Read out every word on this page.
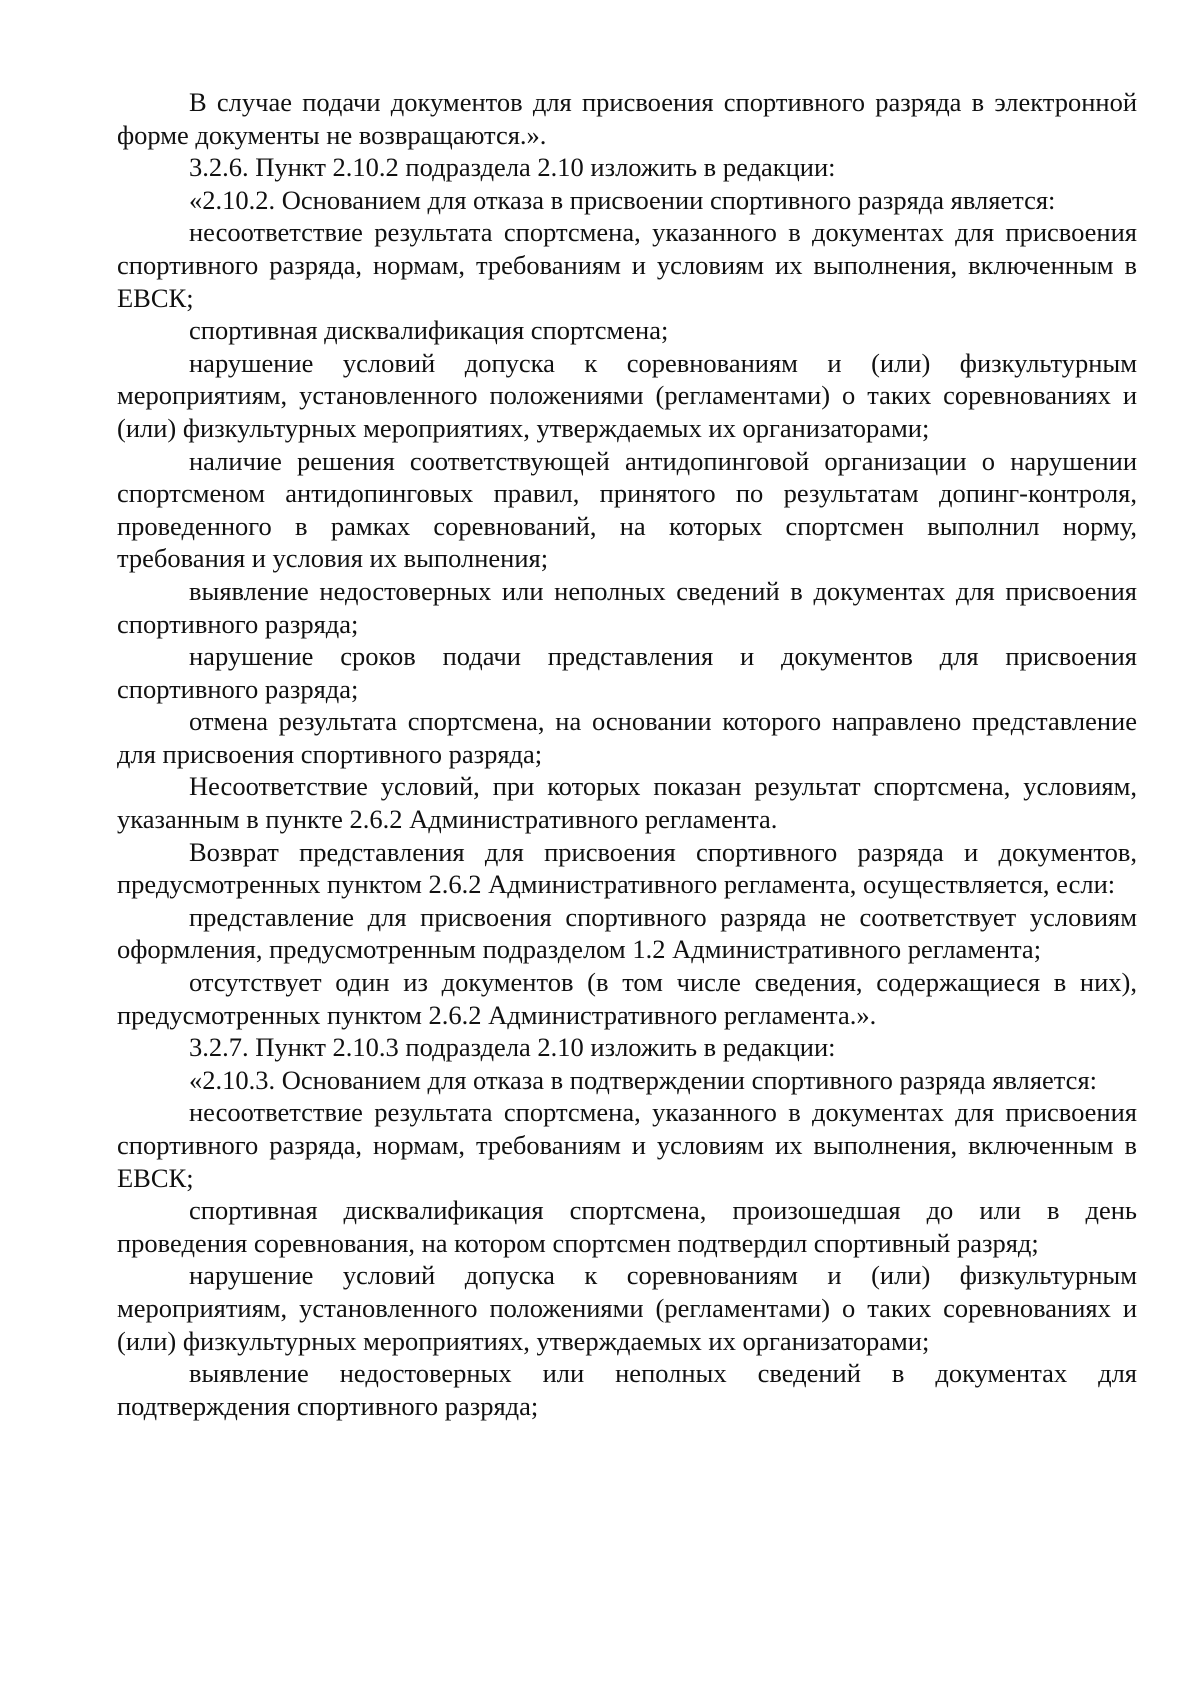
В случае подачи документов для присвоения спортивного разряда в электронной форме документы не возвращаются.».

3.2.6. Пункт 2.10.2 подраздела 2.10 изложить в редакции:

«2.10.2. Основанием для отказа в присвоении спортивного разряда является:

несоответствие результата спортсмена, указанного в документах для присвоения спортивного разряда, нормам, требованиям и условиям их выполнения, включенным в ЕВСК;

спортивная дисквалификация спортсмена;

нарушение условий допуска к соревнованиям и (или) физкультурным мероприятиям, установленного положениями (регламентами) о таких соревнованиях и (или) физкультурных мероприятиях, утверждаемых их организаторами;

наличие решения соответствующей антидопинговой организации о нарушении спортсменом антидопинговых правил, принятого по результатам допинг-контроля, проведенного в рамках соревнований, на которых спортсмен выполнил норму, требования и условия их выполнения;

выявление недостоверных или неполных сведений в документах для присвоения спортивного разряда;

нарушение сроков подачи представления и документов для присвоения спортивного разряда;

отмена результата спортсмена, на основании которого направлено представление для присвоения спортивного разряда;

Несоответствие условий, при которых показан результат спортсмена, условиям, указанным в пункте 2.6.2 Административного регламента.

Возврат представления для присвоения спортивного разряда и документов, предусмотренных пунктом 2.6.2 Административного регламента, осуществляется, если:

представление для присвоения спортивного разряда не соответствует условиям оформления, предусмотренным подразделом 1.2 Административного регламента;

отсутствует один из документов (в том числе сведения, содержащиеся в них), предусмотренных пунктом 2.6.2 Административного регламента.».

3.2.7. Пункт 2.10.3 подраздела 2.10 изложить в редакции:

«2.10.3. Основанием для отказа в подтверждении спортивного разряда является:

несоответствие результата спортсмена, указанного в документах для присвоения спортивного разряда, нормам, требованиям и условиям их выполнения, включенным в ЕВСК;

спортивная дисквалификация спортсмена, произошедшая до или в день проведения соревнования, на котором спортсмен подтвердил спортивный разряд;

нарушение условий допуска к соревнованиям и (или) физкультурным мероприятиям, установленного положениями (регламентами) о таких соревнованиях и (или) физкультурных мероприятиях, утверждаемых их организаторами;

выявление недостоверных или неполных сведений в документах для подтверждения спортивного разряда;
